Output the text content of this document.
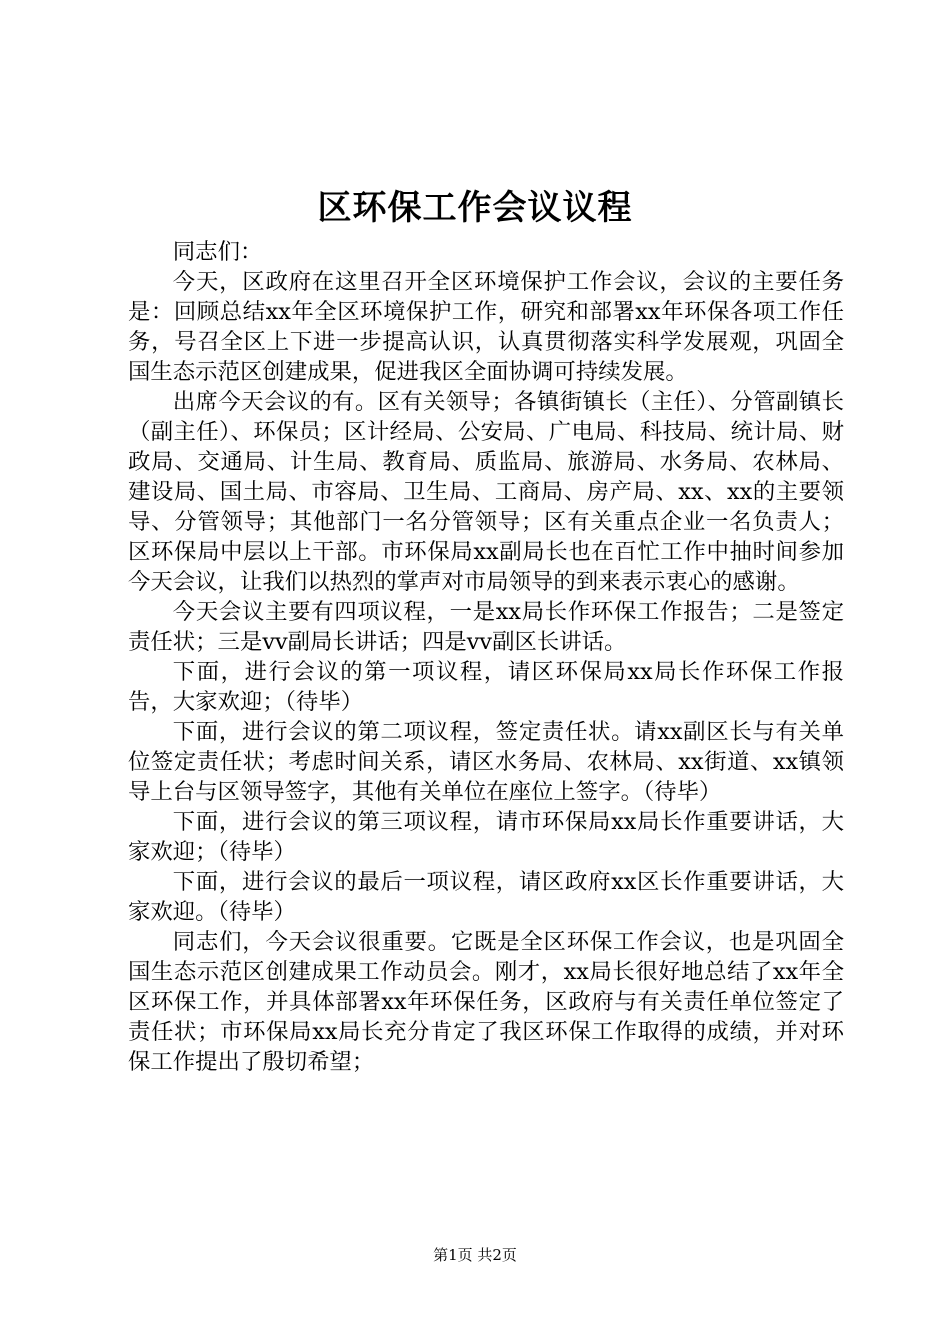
区环保工作会议议程

同志们：

今天，区政府在这里召开全区环境保护工作会议，会议的主要任务是：回顾总结xx年全区环境保护工作，研究和部署xx年环保各项工作任务，号召全区上下进一步提高认识，认真贯彻落实科学发展观，巩固全国生态示范区创建成果，促进我区全面协调可持续发展。

出席今天会议的有。区有关领导；各镇街镇长（主任）、分管副镇长（副主任）、环保员；区计经局、公安局、广电局、科技局、统计局、财政局、交通局、计生局、教育局、质监局、旅游局、水务局、农林局、建设局、国土局、市容局、卫生局、工商局、房产局、xx、xx的主要领导、分管领导；其他部门一名分管领导；区有关重点企业一名负责人；区环保局中层以上干部。市环保局xx副局长也在百忙工作中抽时间参加今天会议，让我们以热烈的掌声对市局领导的到来表示衷心的感谢。

今天会议主要有四项议程，一是xx局长作环保工作报告；二是签定责任状；三是vv副局长讲话；四是vv副区长讲话。

下面，进行会议的第一项议程，请区环保局xx局长作环保工作报告，大家欢迎；（待毕）

下面，进行会议的第二项议程，签定责任状。请xx副区长与有关单位签定责任状；考虑时间关系，请区水务局、农林局、xx街道、xx镇领导上台与区领导签字，其他有关单位在座位上签字。（待毕）

下面，进行会议的第三项议程，请市环保局xx局长作重要讲话，大家欢迎；（待毕）

下面，进行会议的最后一项议程，请区政府xx区长作重要讲话，大家欢迎。（待毕）

同志们，今天会议很重要。它既是全区环保工作会议，也是巩固全国生态示范区创建成果工作动员会。刚才，xx局长很好地总结了xx年全区环保工作，并具体部署xx年环保任务，区政府与有关责任单位签定了责任状；市环保局xx局长充分肯定了我区环保工作取得的成绩，并对环保工作提出了殷切希望；

第1页 共2页
